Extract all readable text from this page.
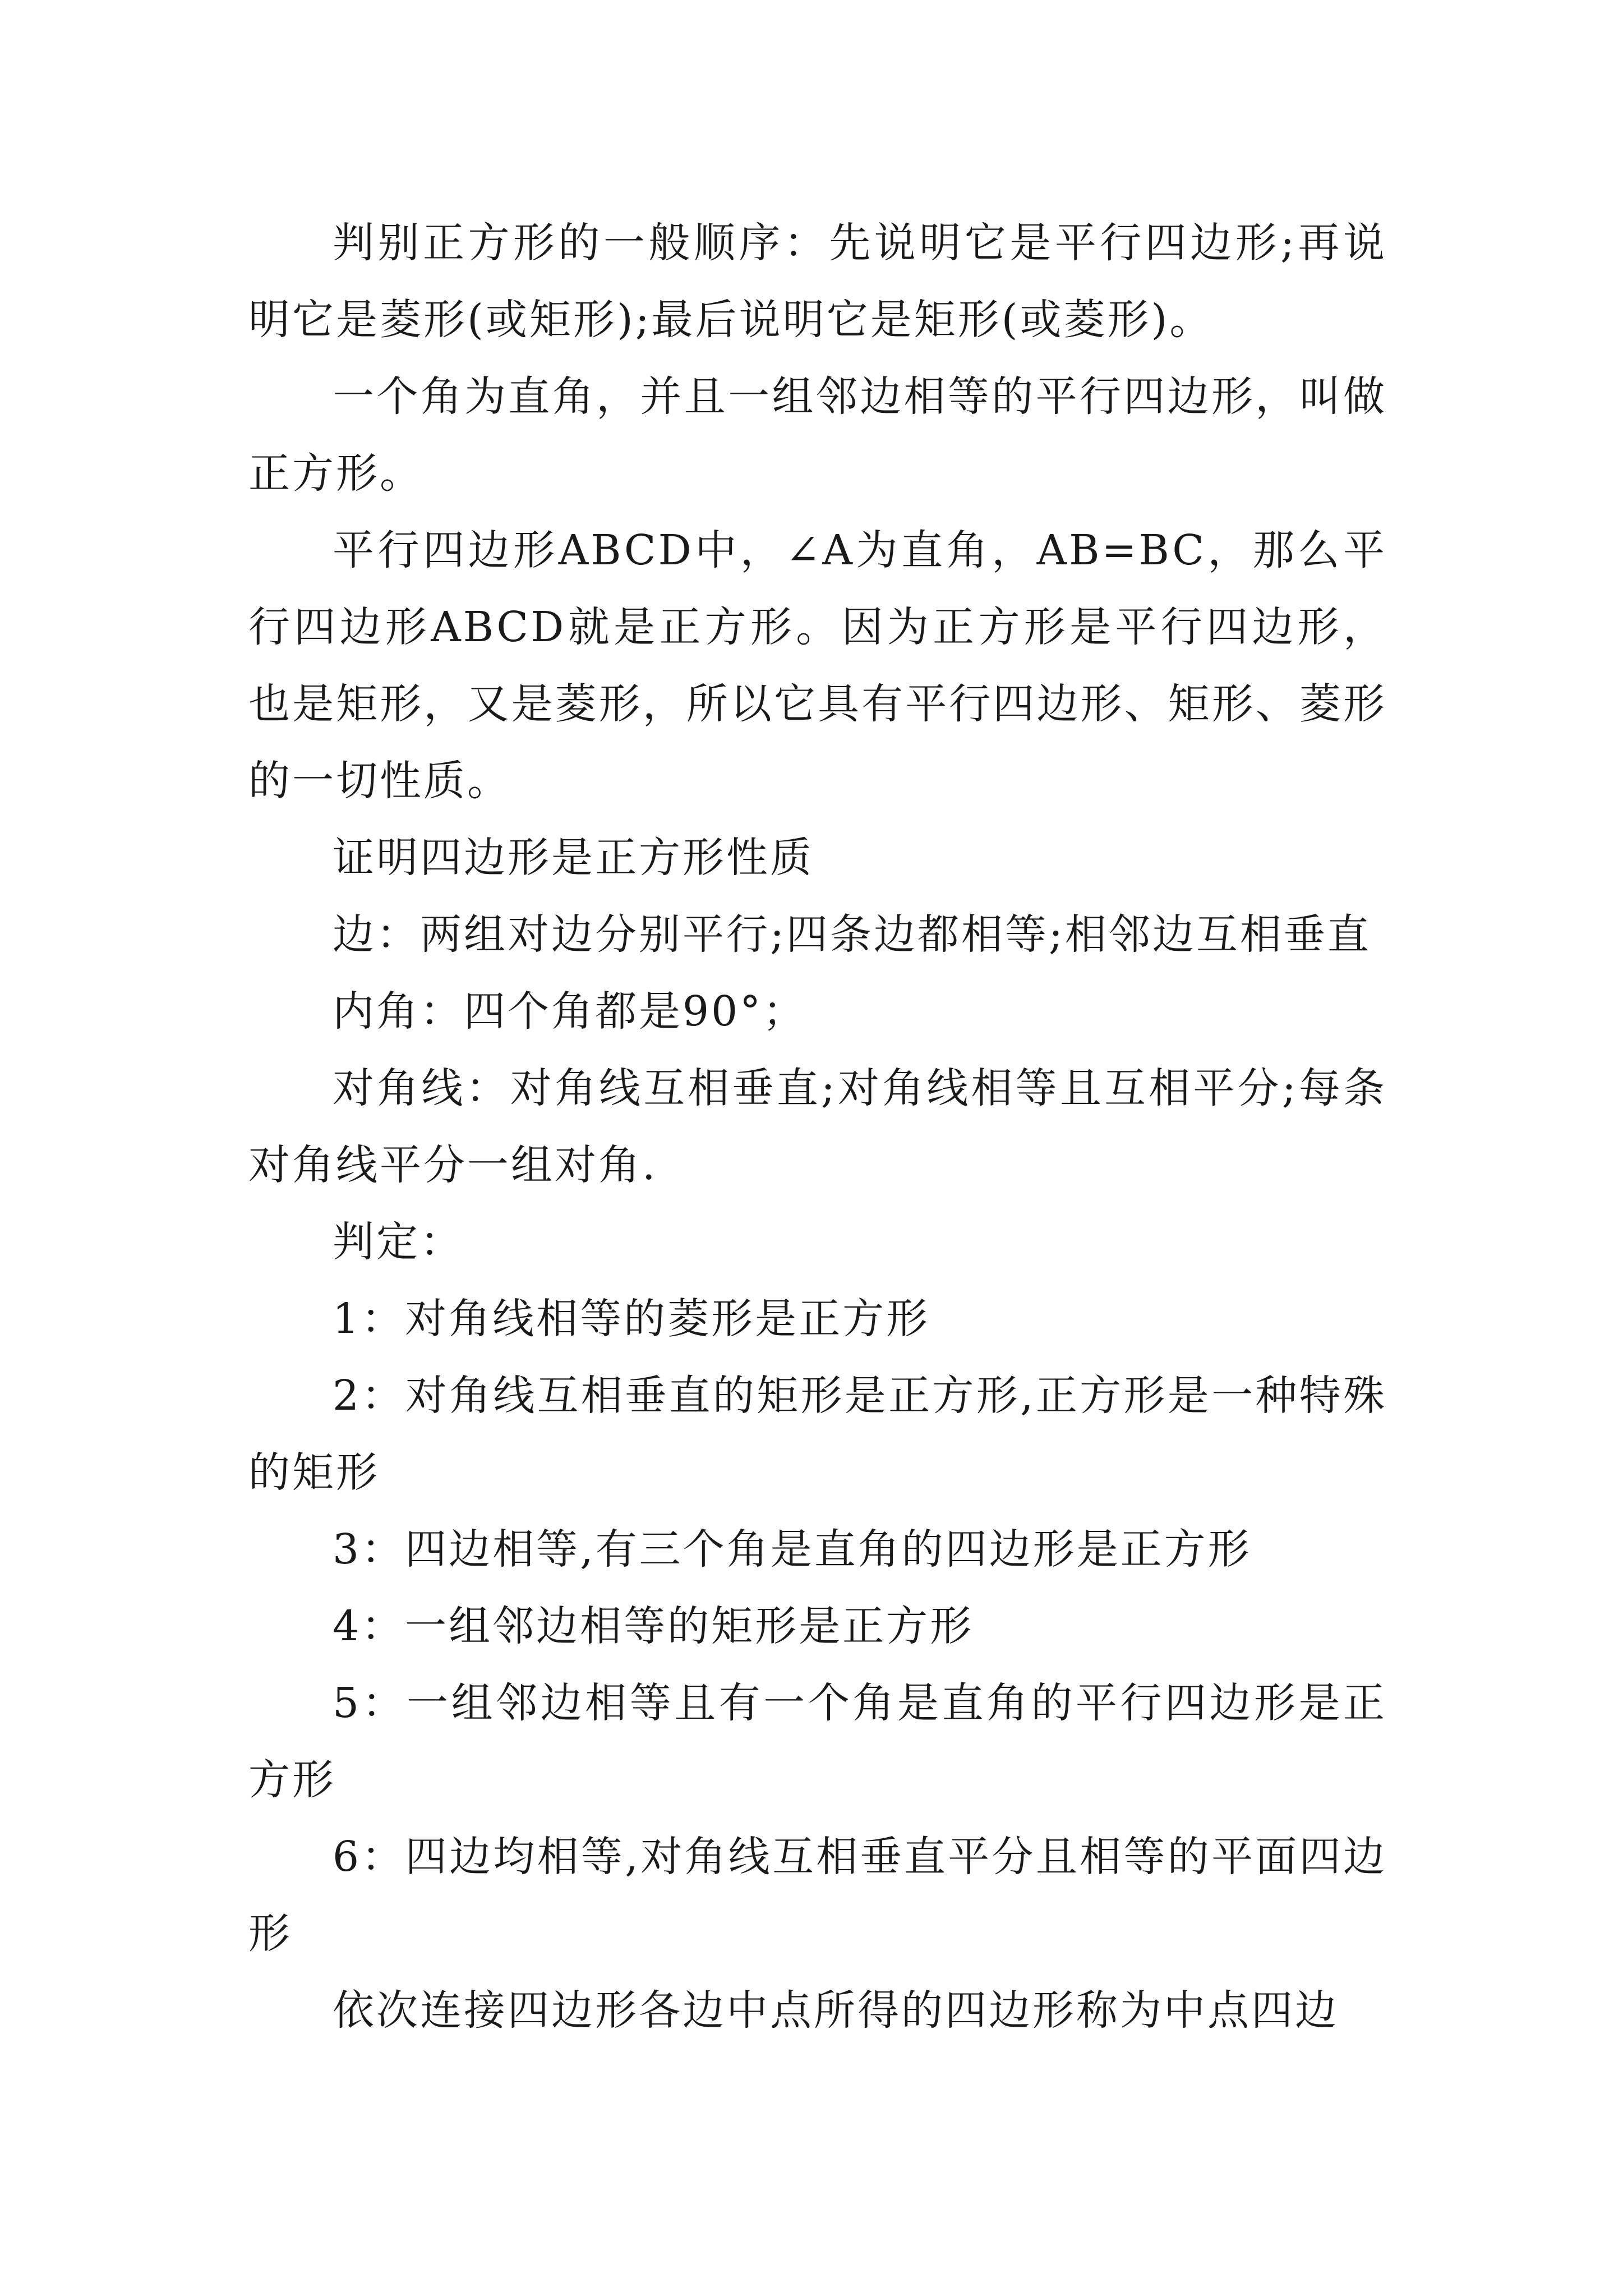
判别正方形的一般顺序：先说明它是平行四边形;再说明它是菱形(或矩形);最后说明它是矩形(或菱形)。

一个角为直角，并且一组邻边相等的平行四边形，叫做正方形。

平行四边形ABCD中，∠A为直角，AB=BC，那么平行四边形ABCD就是正方形。因为正方形是平行四边形，也是矩形，又是菱形，所以它具有平行四边形、矩形、菱形的一切性质。

证明四边形是正方形性质

边：两组对边分别平行;四条边都相等;相邻边互相垂直

内角：四个角都是90°；

对角线：对角线互相垂直;对角线相等且互相平分;每条对角线平分一组对角.

判定：

1：对角线相等的菱形是正方形

2：对角线互相垂直的矩形是正方形,正方形是一种特殊的矩形

3：四边相等,有三个角是直角的四边形是正方形

4：一组邻边相等的矩形是正方形

5：一组邻边相等且有一个角是直角的平行四边形是正方形

6：四边均相等,对角线互相垂直平分且相等的平面四边形

依次连接四边形各边中点所得的四边形称为中点四边
